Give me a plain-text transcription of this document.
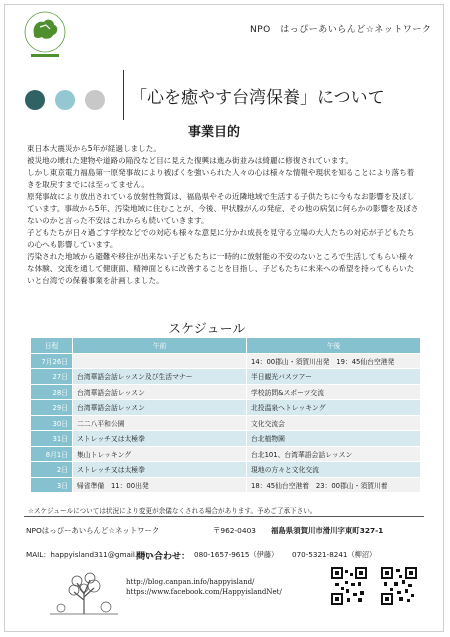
NPO　はっぴーあいらんど☆ネットワーク
「心を癒やす台湾保養」について
事業目的

東日本大震災から5年が経過しました。

被災地の壊れた建物や道路の陥没など目に見えた復興は進み街並みは綺麗に修復されています。

しかし東京電力福島第一原発事故により被ばくを強いられた人々の心は様々な情報や現状を知ることにより落ち着きを取戻すまでには至ってません。

原発事故により放出されている放射性物質は、福島県やその近隣地域で生活する子供たちに今もなお影響を及ぼしています。事故から5年、汚染地域に住むことが、今後、甲状腺がんの発症、その他の病気に何らかの影響を及ぼさないのかと言った不安はこれからも続いていきます。

子どもたちが日々過ごす学校などでの対応も様々な意見に分かれ成長を見守る立場の大人たちの対応が子どもたちの心へも影響しています。

汚染された地域から避難や移住が出来ない子どもたちに一時的に放射能の不安のないところで生活してもらい様々な体験、交流を通して健康面、精神面ともに改善することを目指し、子どもたちに未来への希望を持ってもらいたいと台湾での保養事業を計画しました。

スケジュール
日程	午前	午後
7月26日		14：00郡山・須賀川出発　19：45仙台空港発
27日	台湾華語会話レッスン及び生活マナー	半日観光バスツアー
28日	台湾華語会話レッスン	学校訪問&スポーツ交流
29日	台湾華語会話レッスン	北投温泉へトレッキング
30日	二二八平和公園	文化交流会
31日	ストレッチ又は太極拳	台北植物園
8月1日	集山トレッキング	台北101、台湾華語会話レッスン
2日	ストレッチ又は太極拳	現地の方々と文化交流
3日	帰省準備　11：00出発	18：45仙台空港着　23：00郡山・須賀川着
☆スケジュールについては状況により変更が余儀なくされる場合があります。予めご了承下さい。
NPOはっぴーあいらんど☆ネットワーク	〒962-0403 福島県須賀川市滑川字東町327-1
MAIL：happyisland311@gmail.com
問い合わせ： 080-1657-9615（伊藤） 070-5321-8241（柳沼）
http://blog.canpan.info/happyisland/
https://www.facebook.com/HappyislandNet/
